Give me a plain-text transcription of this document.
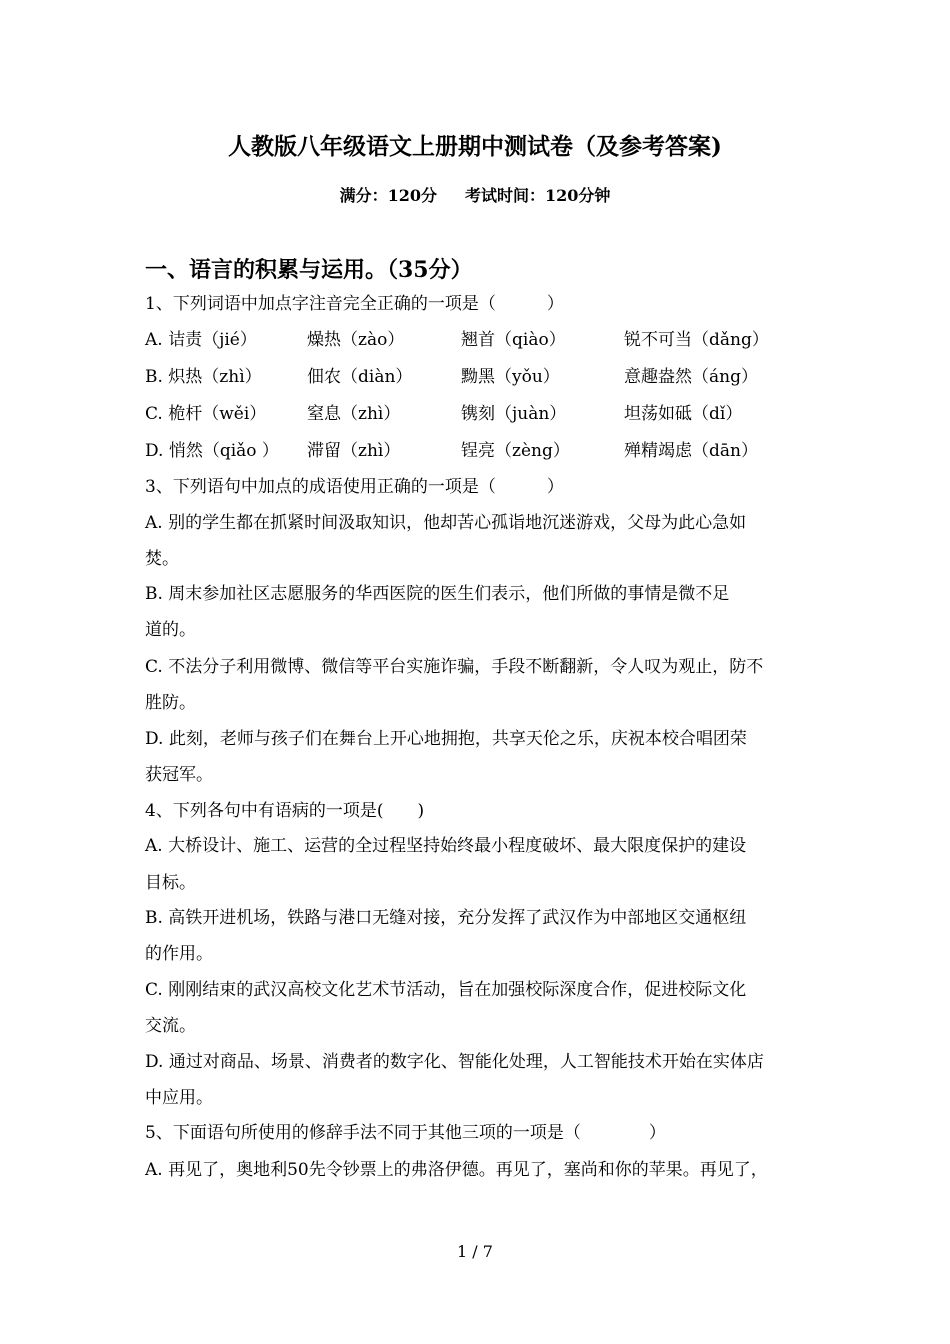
人教版八年级语文上册期中测试卷（及参考答案)
满分：120分 考试时间：120分钟
一、语言的积累与运用。（35分）
1、下列词语中加点字注音完全正确的一项是（　　　）
A. 诘责（jié）	燥热（zào）	翘首（qiào）	锐不可当（dǎng）
B. 炽热（zhì）	佃农（diàn）	黝黑（yǒu）	意趣盎然（áng）
C. 桅杆（wěi） 窒息（zhì）	镌刻（juàn）	坦荡如砥（dǐ）
D. 悄然（qiǎo ） 滞留（zhì）	锃亮（zèng）	殚精竭虑（dān）
3、下列语句中加点的成语使用正确的一项是（　　　）
A. 别的学生都在抓紧时间汲取知识，他却苦心孤诣地沉迷游戏，父母为此心急如
焚。
B. 周末参加社区志愿服务的华西医院的医生们表示，他们所做的事情是微不足
道的。
C. 不法分子利用微博、微信等平台实施诈骗，手段不断翻新，令人叹为观止，防不
胜防。
D. 此刻，老师与孩子们在舞台上开心地拥抱，共享天伦之乐，庆祝本校合唱团荣
获冠军。
4、下列各句中有语病的一项是(　　)
A. 大桥设计、施工、运营的全过程坚持始终最小程度破坏、最大限度保护的建设
目标。
B. 高铁开进机场，铁路与港口无缝对接，充分发挥了武汉作为中部地区交通枢纽
的作用。
C. 刚刚结束的武汉高校文化艺术节活动，旨在加强校际深度合作，促进校际文化
交流。
D. 通过对商品、场景、消费者的数字化、智能化处理，人工智能技术开始在实体店
中应用。
5、下面语句所使用的修辞手法不同于其他三项的一项是（　　　　）
A. 再见了，奥地利50先令钞票上的弗洛伊德。再见了，塞尚和你的苹果。再见了，
1 / 7
